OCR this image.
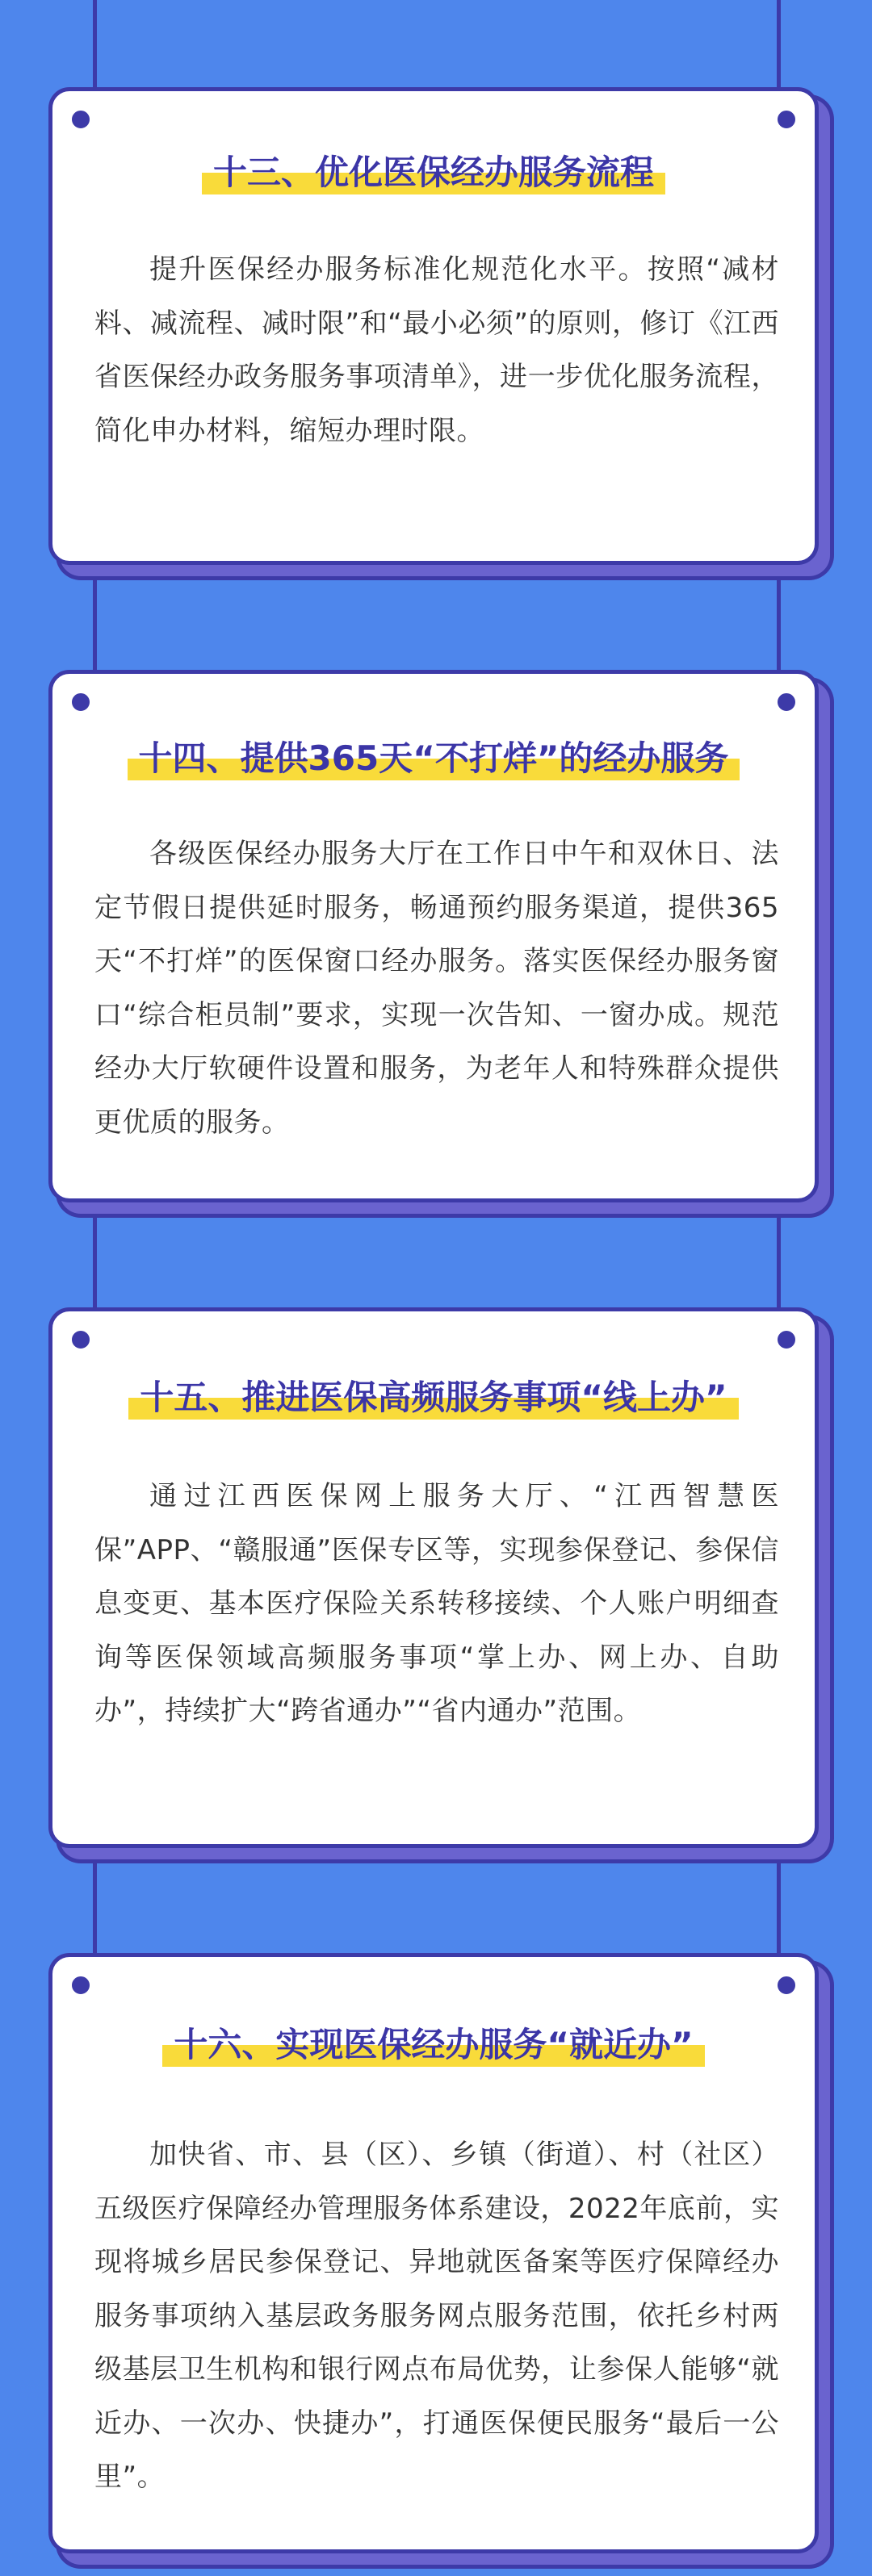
十三、优化医保经办服务流程

提升医保经办服务标准化规范化水平。按照“减材料、减流程、减时限”和“最小必须”的原则，修订《江西省医保经办政务服务事项清单》，进一步优化服务流程，简化申办材料，缩短办理时限。

十四、提供365天“不打烊”的经办服务

各级医保经办服务大厅在工作日中午和双休日、法定节假日提供延时服务，畅通预约服务渠道，提供365天“不打烊”的医保窗口经办服务。落实医保经办服务窗口“综合柜员制”要求，实现一次告知、一窗办成。规范经办大厅软硬件设置和服务，为老年人和特殊群众提供更优质的服务。

十五、推进医保高频服务事项“线上办”

通过江西医保网上服务大厅、“江西智慧医保”APP、“赣服通”医保专区等，实现参保登记、参保信息变更、基本医疗保险关系转移接续、个人账户明细查询等医保领域高频服务事项“掌上办、网上办、自助办”，持续扩大“跨省通办”“省内通办”范围。

十六、实现医保经办服务“就近办”

加快省、市、县（区）、乡镇（街道）、村（社区）五级医疗保障经办管理服务体系建设，2022年底前，实现将城乡居民参保登记、异地就医备案等医疗保障经办服务事项纳入基层政务服务网点服务范围，依托乡村两级基层卫生机构和银行网点布局优势，让参保人能够“就近办、一次办、快捷办”，打通医保便民服务“最后一公里”。
